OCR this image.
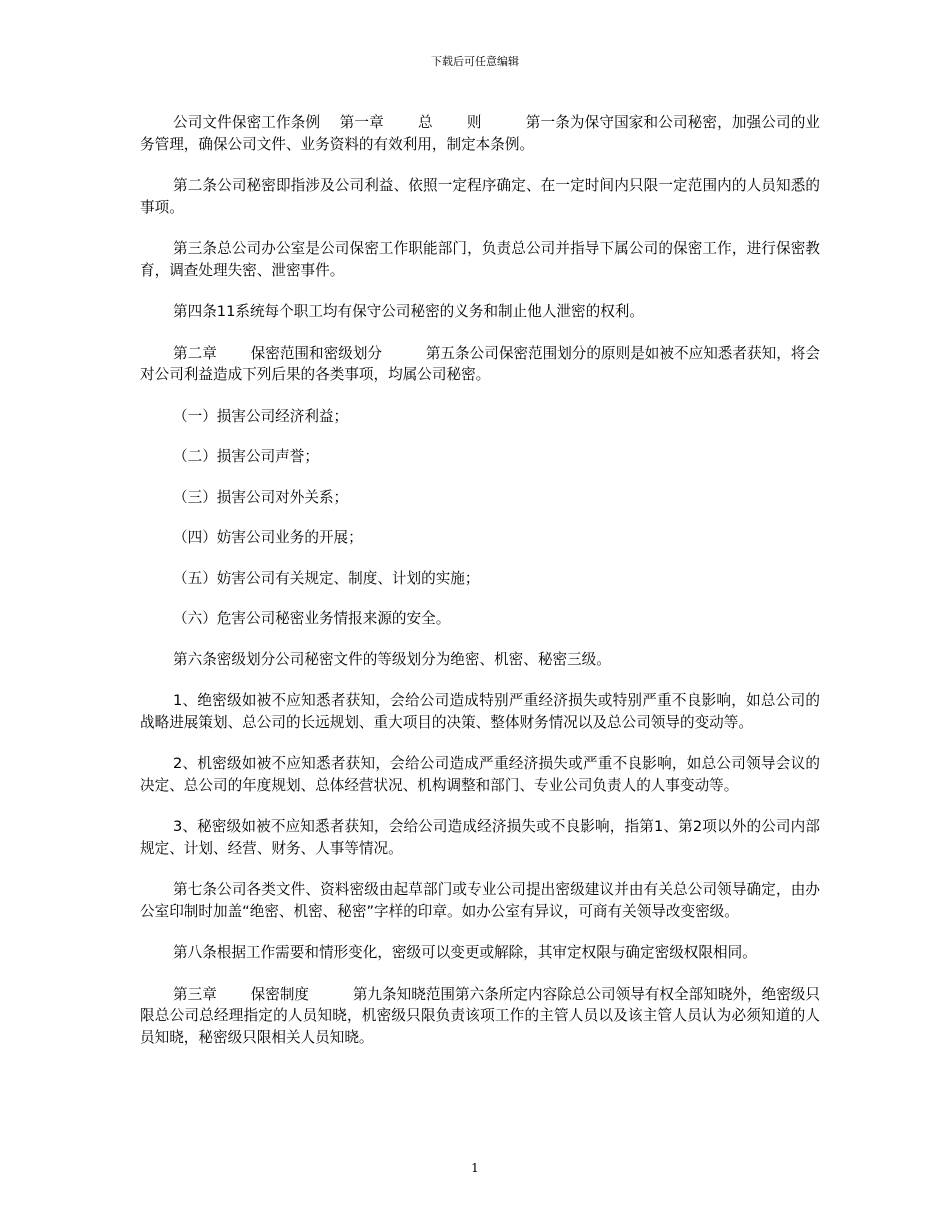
下载后可任意编辑

公司文件保密工作条例　 第一章　　 总　　 则　　　第一条为保守国家和公司秘密，加强公司的业务管理，确保公司文件、业务资料的有效利用，制定本条例。

第二条公司秘密即指涉及公司利益、依照一定程序确定、在一定时间内只限一定范围内的人员知悉的事项。

第三条总公司办公室是公司保密工作职能部门，负责总公司并指导下属公司的保密工作，进行保密教育，调查处理失密、泄密事件。

第四条11系统每个职工均有保守公司秘密的义务和制止他人泄密的权利。

第二章　　 保密范围和密级划分　　　第五条公司保密范围划分的原则是如被不应知悉者获知，将会对公司利益造成下列后果的各类事项，均属公司秘密。

（一）损害公司经济利益；

（二）损害公司声誉；

（三）损害公司对外关系；

（四）妨害公司业务的开展；

（五）妨害公司有关规定、制度、计划的实施；

（六）危害公司秘密业务情报来源的安全。

第六条密级划分公司秘密文件的等级划分为绝密、机密、秘密三级。

1、绝密级如被不应知悉者获知，会给公司造成特别严重经济损失或特别严重不良影响，如总公司的战略进展策划、总公司的长远规划、重大项目的决策、整体财务情况以及总公司领导的变动等。

2、机密级如被不应知悉者获知，会给公司造成严重经济损失或严重不良影响，如总公司领导会议的决定、总公司的年度规划、总体经营状况、机构调整和部门、专业公司负责人的人事变动等。

3、秘密级如被不应知悉者获知，会给公司造成经济损失或不良影响，指第1、第2项以外的公司内部规定、计划、经营、财务、人事等情况。

第七条公司各类文件、资料密级由起草部门或专业公司提出密级建议并由有关总公司领导确定，由办公室印制时加盖“绝密、机密、秘密”字样的印章。如办公室有异议，可商有关领导改变密级。

第八条根据工作需要和情形变化，密级可以变更或解除，其审定权限与确定密级权限相同。

第三章　　 保密制度　　　第九条知晓范围第六条所定内容除总公司领导有权全部知晓外，绝密级只限总公司总经理指定的人员知晓，机密级只限负责该项工作的主管人员以及该主管人员认为必须知道的人员知晓，秘密级只限相关人员知晓。

1
